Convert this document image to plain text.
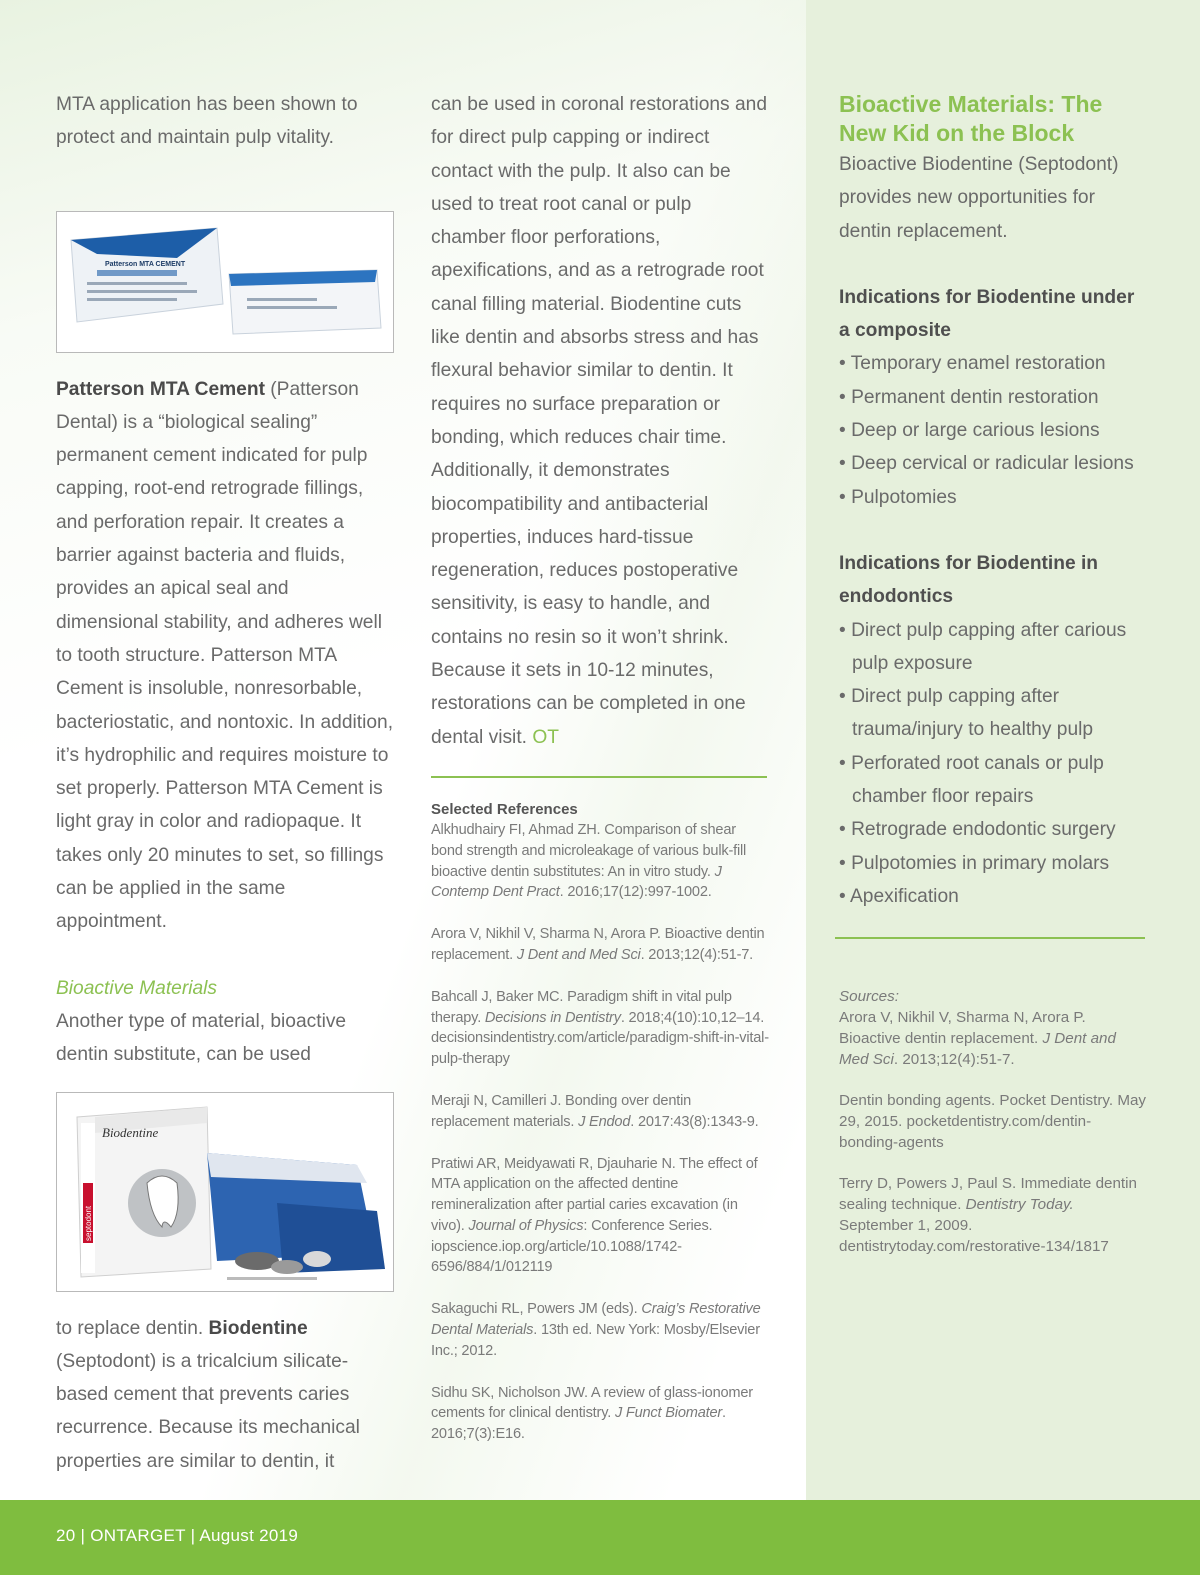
MTA application has been shown to protect and maintain pulp vitality.

Patterson MTA CEMENT

Patterson MTA Cement (Patterson Dental) is a “biological sealing” permanent cement indicated for pulp capping, root-end retrograde fillings, and perforation repair. It creates a barrier against bacteria and fluids, provides an apical seal and dimensional stability, and adheres well to tooth structure. Patterson MTA Cement is insoluble, nonresorbable, bacteriostatic, and nontoxic. In addition, it’s hydrophilic and requires moisture to set properly. Patterson MTA Cement is light gray in color and radiopaque. It takes only 20 minutes to set, so fillings can be applied in the same appointment.

Bioactive Materials

Another type of material, bioactive dentin substitute, can be used

Biodentine
septodont

to replace dentin. Biodentine (Septodont) is a tricalcium silicate-based cement that prevents caries recurrence. Because its mechanical properties are similar to dentin, it

can be used in coronal restorations and for direct pulp capping or indirect contact with the pulp. It also can be used to treat root canal or pulp chamber floor perforations, apexifications, and as a retrograde root canal filling material. Biodentine cuts like dentin and absorbs stress and has flexural behavior similar to dentin. It requires no surface preparation or bonding, which reduces chair time. Additionally, it demonstrates biocompatibility and antibacterial properties, induces hard-tissue regeneration, reduces postoperative sensitivity, is easy to handle, and contains no resin so it won’t shrink. Because it sets in 10-12 minutes, restorations can be completed in one dental visit. OT

Selected References

Alkhudhairy FI, Ahmad ZH. Comparison of shear bond strength and microleakage of various bulk-fill bioactive dentin substitutes: An in vitro study. J Contemp Dent Pract. 2016;17(12):997-1002.

Arora V, Nikhil V, Sharma N, Arora P. Bioactive dentin replacement. J Dent and Med Sci. 2013;12(4):51-7.

Bahcall J, Baker MC. Paradigm shift in vital pulp therapy. Decisions in Dentistry. 2018;4(10):10,12–14. decisionsindentistry.com/article/paradigm-shift-in-vital-pulp-therapy

Meraji N, Camilleri J. Bonding over dentin replacement materials. J Endod. 2017:43(8):1343-9.

Pratiwi AR, Meidyawati R, Djauharie N. The effect of MTA application on the affected dentine remineralization after partial caries excavation (in vivo). Journal of Physics: Conference Series. iopscience.iop.org/article/10.1088/1742-6596/884/1/012119

Sakaguchi RL, Powers JM (eds). Craig’s Restorative Dental Materials. 13th ed. New York: Mosby/Elsevier Inc.; 2012.

Sidhu SK, Nicholson JW. A review of glass-ionomer cements for clinical dentistry. J Funct Biomater. 2016;7(3):E16.

Bioactive Materials: The New Kid on the Block

Bioactive Biodentine (Septodont) provides new opportunities for dentin replacement.

Indications for Biodentine under a composite

• Temporary enamel restoration
• Permanent dentin restoration
• Deep or large carious lesions
• Deep cervical or radicular lesions
• Pulpotomies

Indications for Biodentine in endodontics

• Direct pulp capping after carious pulp exposure
• Direct pulp capping after trauma/injury to healthy pulp
• Perforated root canals or pulp chamber floor repairs
• Retrograde endodontic surgery
• Pulpotomies in primary molars
• Apexification

Sources:

Arora V, Nikhil V, Sharma N, Arora P. Bioactive dentin replacement. J Dent and Med Sci. 2013;12(4):51-7.

Dentin bonding agents. Pocket Dentistry. May 29, 2015. pocketdentistry.com/dentin-bonding-agents

Terry D, Powers J, Paul S. Immediate dentin sealing technique. Dentistry Today. September 1, 2009. dentistrytoday.com/restorative-134/1817

20 | ONTARGET | August 2019
